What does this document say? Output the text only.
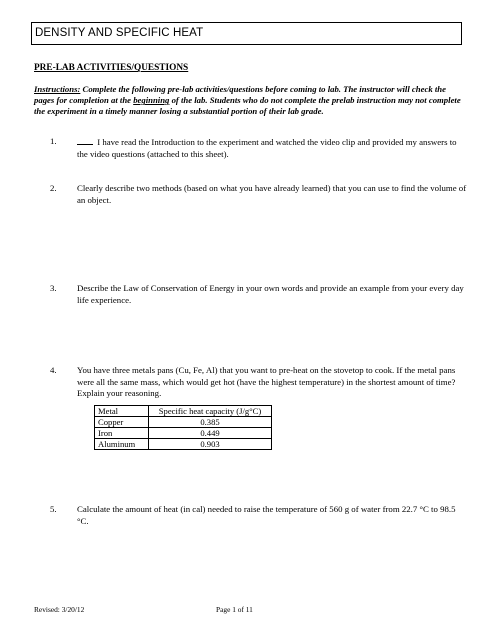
DENSITY AND SPECIFIC HEAT
PRE-LAB ACTIVITIES/QUESTIONS
Instructions: Complete the following pre-lab activities/questions before coming to lab. The instructor will check the pages for completion at the beginning of the lab. Students who do not complete the prelab instruction may not complete the experiment in a timely manner losing a substantial portion of their lab grade.
1.	I have read the Introduction to the experiment and watched the video clip and provided my answers to the video questions (attached to this sheet).
2.	Clearly describe two methods (based on what you have already learned) that you can use to find the volume of an object.
3.	Describe the Law of Conservation of Energy in your own words and provide an example from your every day life experience.
4.	You have three metals pans (Cu, Fe, Al) that you want to pre-heat on the stovetop to cook. If the metal pans were all the same mass, which would get hot (have the highest temperature) in the shortest amount of time? Explain your reasoning.
Metal	Specific heat capacity (J/g°C)
Copper	0.385
Iron	0.449
Aluminum	0.903
5.	Calculate the amount of heat (in cal) needed to raise the temperature of 560 g of water from 22.7 °C to 98.5 °C.
Revised: 3/20/12	Page 1 of 11
